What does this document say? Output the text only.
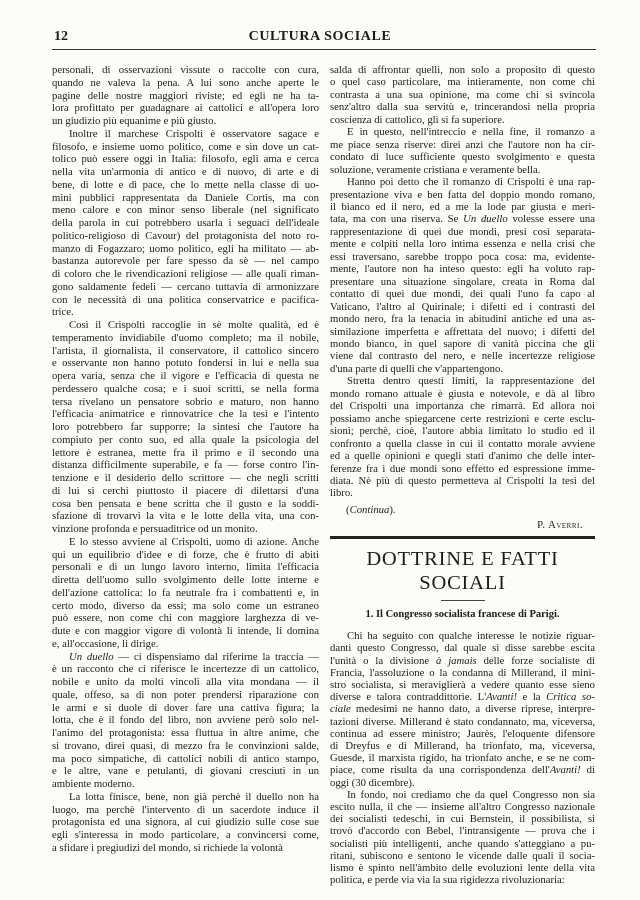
12	CULTURA SOCIALE
personali, di osservazioni vissute o raccolte con cura,
quando ne valeva la pena. A lui sono anche aperte le
pagine delle nostre maggiori riviste; ed egli ne ha ta-
lora profittato per guadagnare ai cattolici e all'opera loro
un giudizio più equanime e più giusto.
Inoltre il marchese Crispolti è osservatore sagace e
filosofo, e insieme uomo politico, come e sin dove un cat-
tolico può essere oggi in Italia: filosofo, egli ama e cerca
nella vita un'armonia di antico e di nuovo, di arte e di
bene, di lotte e di pace, che lo mette nella classe di uo-
mini pubblici rappresentata da Daniele Cortis, ma con
meno calore e con minor senso liberale (nel significato
della parola in cui potrebbero usarla i seguaci dell'ideale
politico-religioso di Cavour) del protagonista del noto ro-
manzo di Fogazzaro; uomo politico, egli ha militato — ab-
bastanza autorevole per fare spesso da sè — nel campo
di coloro che le rivendicazioni religiose — alle quali riman-
gono saldamente fedeli — cercano tuttavia di armonizzare
con le necessità di una politica conservatrice e pacifica-
trice.
Così il Crispolti raccoglie in sè molte qualità, ed è
temperamento invidiabile d'uomo completo; ma il nobile,
l'artista, il giornalista, il conservatore, il cattolico sincero
e osservante non hanno potuto fondersi in lui e nella sua
opera varia, senza che il vigore e l'efficacia di questa ne
perdessero qualche cosa; e i suoi scritti, se nella forma
tersa rivelano un pensatore sobrio e maturo, non hanno
l'efficacia animatrice e rinnovatrice che la tesi e l'intento
loro potrebbero far supporre; la sintesi che l'autore ha
compiuto per conto suo, ed alla quale la psicologia del
lettore è estranea, mette fra il primo e il secondo una
distanza difficilmente superabile, e fa — forse contro l'in-
tenzione e il desiderio dello scrittore — che negli scritti
di lui si cerchi piuttosto il piacere di dilettarsi d'una
cosa ben pensata e bene scritta che il gusto e la soddi-
sfazione di trovarvi la vita e le lotte della vita, una con-
vinzione profonda e persuaditrice od un monito.
E lo stesso avviene al Crispolti, uomo di azione. Anche
qui un equilibrio d'idee e di forze, che è frutto di abiti
personali e di un lungo lavoro interno, limita l'efficacia
diretta dell'uomo sullo svolgimento delle lotte interne e
dell'azione cattolica: lo fa neutrale fra i combattenti e, in
certo modo, diverso da essi; ma solo come un estraneo
può essere, non come chi con maggiore larghezza di ve-
dute e con maggior vigore di volontà li intende, li domina
e, all'occasione, li dirige.
Un duello — ci dispensiamo dal riferirne la traccia —
è un racconto che ci riferisce le incertezze di un cattolico,
nobile e unito da molti vincoli alla vita mondana — il
quale, offeso, sa di non poter prendersi riparazione con
le armi e si duole di dover fare una cattiva figura; la
lotta, che è il fondo del libro, non avviene però solo nel-
l'animo del protagonista: essa fluttua in altre anime, che
si trovano, direi quasi, di mezzo fra le convinzioni salde,
ma poco simpatiche, di cattolici nobili di antico stampo,
e le altre, vane e petulanti, di giovani cresciuti in un
ambiente moderno.
La lotta finisce, bene, non già perchè il duello non ha
luogo, ma perchè l'intervento di un sacerdote induce il
protagonista ed una signora, al cui giudizio sulle cose sue
egli s'interessa in modo particolare, a convincersi come,
a sfidare i pregiudizi del mondo, si richiede la volontà
salda di affrontar quelli, non solo a proposito di questo
o quel caso particolare, ma intieramente, non come chi
contrasta a una sua opinione, ma come chi si svincola
senz'altro dalla sua servitù e, trincerandosi nella propria
coscienza di cattolico, gli si fa superiore.
E in questo, nell'intreccio e nella fine, il romanzo a
me piace senza riserve: direi anzi che l'autore non ha cir-
condato di luce sufficiente questo svolgimento e questa
soluzione, veramente cristiana e veramente bella.
Hanno poi detto che il romanzo di Crispolti è una rap-
presentazione viva e ben fatta del doppio mondo romano,
il bianco ed il nero, ed a me la lode par giusta e meri-
tata, ma con una riserva. Se Un duello volesse essere una
rappresentazione di quei due mondi, presi così separata-
mente e colpiti nella loro intima essenza e nella crisi che
essi traversano, sarebbe troppo poca cosa: ma, evidente-
mente, l'autore non ha inteso questo: egli ha voluto rap-
presentare una situazione singolare, creata in Roma dal
contatto di quei due mondi, dei quali l'uno fa capo al
Vaticano, l'altro al Quirinale; i difetti ed i contrasti del
mondo nero, fra la tenacia in abitudini antiche ed una as-
similazione imperfetta e affrettata del nuovo; i difetti del
mondo bianco, in quel sapore di vanità piccina che gli
viene dal contrasto del nero, e nelle incertezze religiose
d'una parte di quelli che v'appartengono.
Stretta dentro questi limiti, la rappresentazione del
mondo romano attuale è giusta e notevole, e dà al libro
del Crispolti una importanza che rimarrà. Ed allora noi
possiamo anche spiegarcene certe restrizioni e certe esclu-
sioni; perchè, cioè, l'autore abbia limitato lo studio ed il
confronto a quella classe in cui il contatto morale avviene
ed a quelle opinioni e quegli stati d'animo che delle inter-
ferenze fra i due mondi sono effetto ed espressione imme-
diata. Nè più di questo permetteva al Crispolti la tesi del
libro.
(Continua).
P. Averri.
DOTTRINE E FATTI SOCIALI
1. Il Congresso socialista francese di Parigi.
Chi ha seguito con qualche interesse le notizie riguar-
danti questo Congresso, dal quale si disse sarebbe escita
l'unità o la divisione à jamais delle forze socialiste di
Francia, l'assoluzione o la condanna di Millerand, il mini-
stro socialista, si meraviglierà a vedere quanto esse sieno
diverse e talora contraddittorie. L'Avanti! e la Critica so-
ciale medesimi ne hanno dato, a diverse riprese, interpre-
tazioni diverse. Millerand è stato condannato, ma, viceversa,
continua ad essere ministro; Jaurès, l'eloquente difensore
di Dreyfus e di Millerand, ha trionfato, ma, viceversa,
Guesde, il marxista rigido, ha trionfato anche, e se ne com-
piace, come risulta da una corrispondenza dell'Avanti! di
oggi (30 dicembre).
In fondo, noi crediamo che da quel Congresso non sia
escito nulla, il che — insieme all'altro Congresso nazionale
dei socialisti tedeschi, in cui Bernstein, il possibilista, si
trovò d'accordo con Bebel, l'intransigente — prova che i
socialisti più intelligenti, anche quando s'atteggiano a pu-
ritani, subiscono e sentono le vicende dalle quali il socia-
lismo è spinto nell'àmbito delle evoluzioni lente della vita
politica, e perde via via la sua rigidezza rivoluzionaria:
